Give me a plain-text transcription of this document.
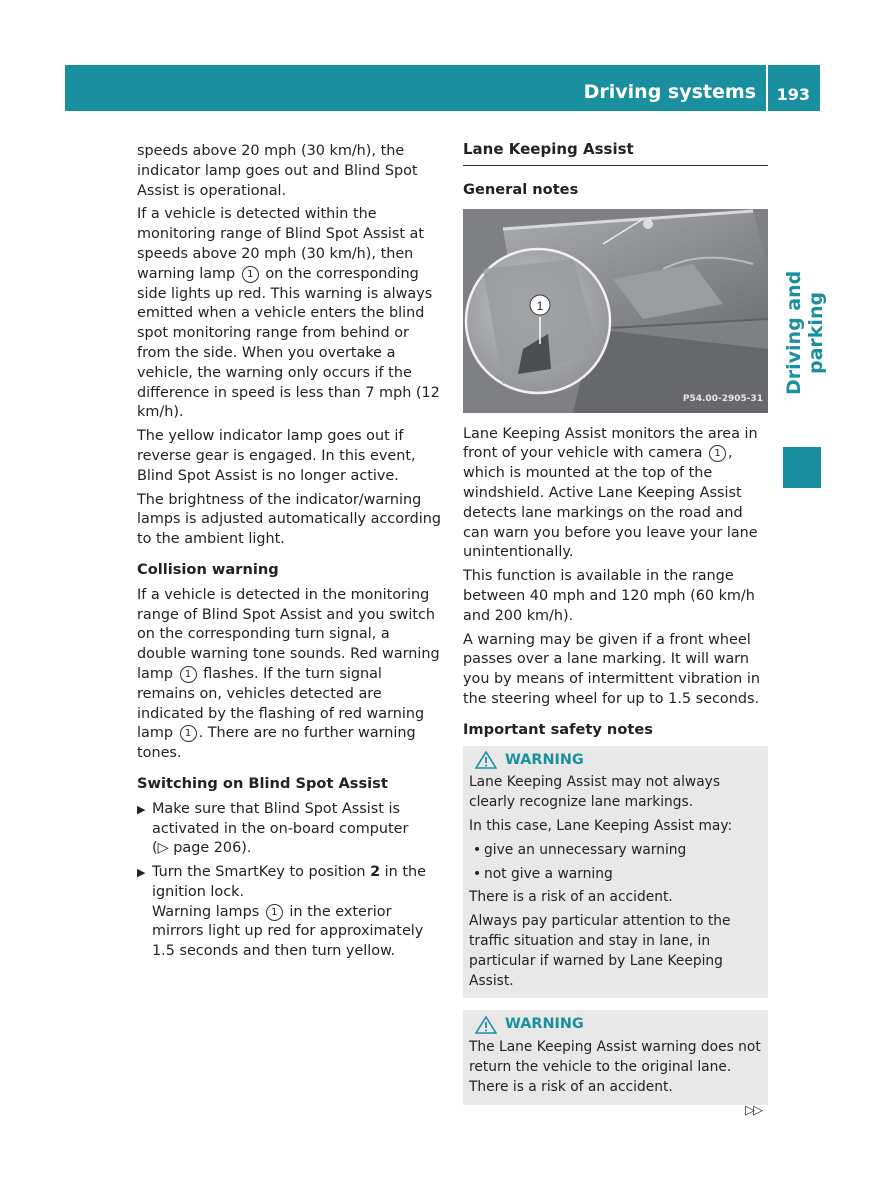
Driving systems 193
Driving and parking

speeds above 20 mph (30 km/h), the indicator lamp goes out and Blind Spot Assist is operational.

If a vehicle is detected within the monitoring range of Blind Spot Assist at speeds above 20 mph (30 km/h), then warning lamp 1 on the corresponding side lights up red. This warning is always emitted when a vehicle enters the blind spot monitoring range from behind or from the side. When you overtake a vehicle, the warning only occurs if the difference in speed is less than 7 mph (12 km/h).

The yellow indicator lamp goes out if reverse gear is engaged. In this event, Blind Spot Assist is no longer active.

The brightness of the indicator/warning lamps is adjusted automatically according to the ambient light.

Collision warning

If a vehicle is detected in the monitoring range of Blind Spot Assist and you switch on the corresponding turn signal, a double warning tone sounds. Red warning lamp 1 flashes. If the turn signal remains on, vehicles detected are indicated by the flashing of red warning lamp 1 . There are no further warning tones.

Switching on Blind Spot Assist
▶ Make sure that Blind Spot Assist is activated in the on-board computer
(▷ page 206).
▶ Turn the SmartKey to position 2 in the ignition lock.
Warning lamps 1 in the exterior mirrors light up red for approximately 1.5 seconds and then turn yellow.
Lane Keeping Assist
General notes
1
P54.00-2905-31

Lane Keeping Assist monitors the area in front of your vehicle with camera 1 , which is mounted at the top of the windshield. Active Lane Keeping Assist detects lane markings on the road and can warn you before you leave your lane unintentionally.

This function is available in the range between 40 mph and 120 mph (60 km/h and 200 km/h).

A warning may be given if a front wheel passes over a lane marking. It will warn you by means of intermittent vibration in the steering wheel for up to 1.5 seconds.

Important safety notes
WARNING

Lane Keeping Assist may not always clearly recognize lane markings.

In this case, Lane Keeping Assist may:

• give an unnecessary warning
• not give a warning

There is a risk of an accident.

Always pay particular attention to the traffic situation and stay in lane, in particular if warned by Lane Keeping Assist.

WARNING

The Lane Keeping Assist warning does not return the vehicle to the original lane. There is a risk of an accident.

▷▷
